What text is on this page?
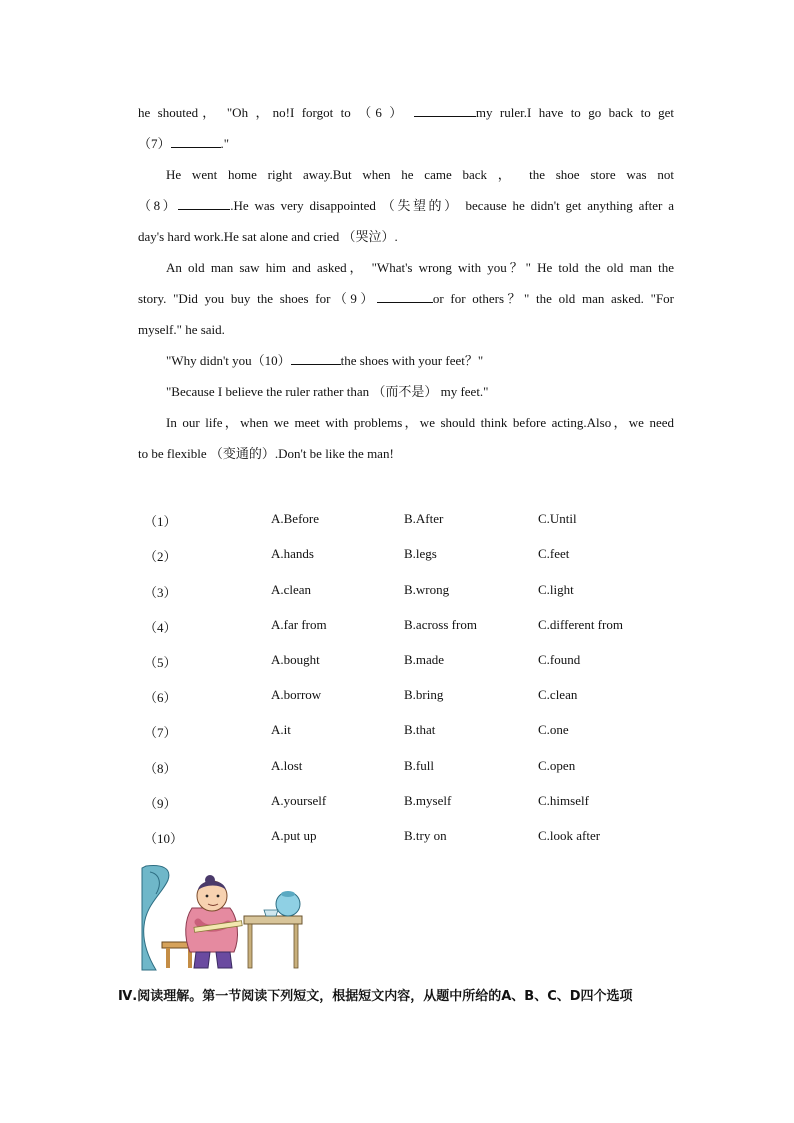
he shouted， "Oh ，no!I forgot to （6 ）	my ruler.I have to go back to get
（7）	."
He went home right away.But when he came back ， the shoe store was not
（8）	.He was very disappointed （失望的） because he didn't get anything after a
day's hard work.He sat alone and cried （哭泣）.
An old man saw him and asked， "What's wrong with you？" He told the old man the
story. "Did you buy the shoes for（9）	or for others？" the old man asked. "For
myself." he said.
"Why didn't you（10）	the shoes with your feet？"
"Because I believe the ruler rather than （而不是） my feet."
In our life，when we meet with problems，we should think before acting.Also，we need
to be flexible （变通的）.Don't be like the man!
（1）	A.Before	B.After	C.Until
（2）	A.hands	B.legs	C.feet
（3）	A.clean	B.wrong	C.light
（4）	A.far from	B.across from	C.different from
（5）	A.bought	B.made	C.found
（6）	A.borrow	B.bring	C.clean
（7）	A.it	B.that	C.one
（8）	A.lost	B.full	C.open
（9）	A.yourself	B.myself	C.himself
（10）	A.put up	B.try on	C.look after
Ⅳ.阅读理解。第一节阅读下列短文，根据短文内容，从题中所给的A、B、C、D四个选项
